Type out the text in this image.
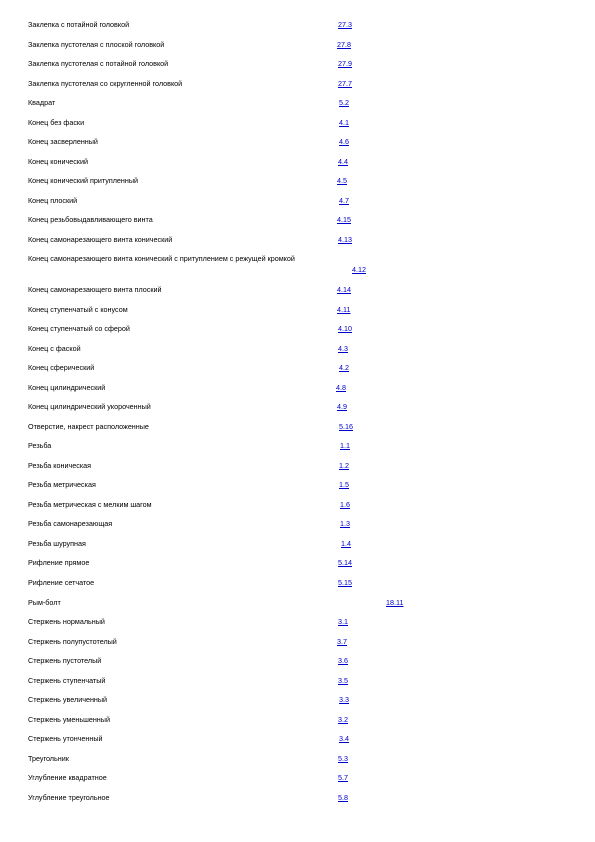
Заклепка с потайной головкой	27.3
Заклепка пустотелая с плоской головкой	27.8
Заклепка пустотелая с потайной головкой	27.9
Заклепка пустотелая со скругленной головкой	27.7
Квадрат	5.2
Конец без фаски	4.1
Конец засверленный	4.6
Конец конический	4.4
Конец конический притупленный	4.5
Конец плоский	4.7
Конец резьбовыдавливающего винта	4.15
Конец самонарезающего винта конический	4.13
Конец самонарезающего винта конический с притуплением с режущей кромкой
4.12
Конец самонарезающего винта плоский	4.14
Конец ступенчатый с конусом	4.11
Конец ступенчатый со сферой	4.10
Конец с фаской	4.3
Конец сферический	4.2
Конец цилиндрический	4.8
Конец цилиндрический укороченный	4.9
Отверстие, накрест расположенные	5.16
Резьба	1.1
Резьба коническая	1.2
Резьба метрическая	1.5
Резьба метрическая с мелким шагом	1.6
Резьба самонарезающая	1.3
Резьба шурупная	1.4
Рифление прямое	5.14
Рифление сетчатое	5.15
Рым-болт	18.11
Стержень нормальный	3.1
Стержень полупустотелый	3.7
Стержень пустотелый	3.6
Стержень ступенчатый	3.5
Стержень увеличенный	3.3
Стержень уменьшенный	3.2
Стержень утонченный	3.4
Треугольник	5.3
Углубление квадратное	5.7
Углубление треугольное	5.8
